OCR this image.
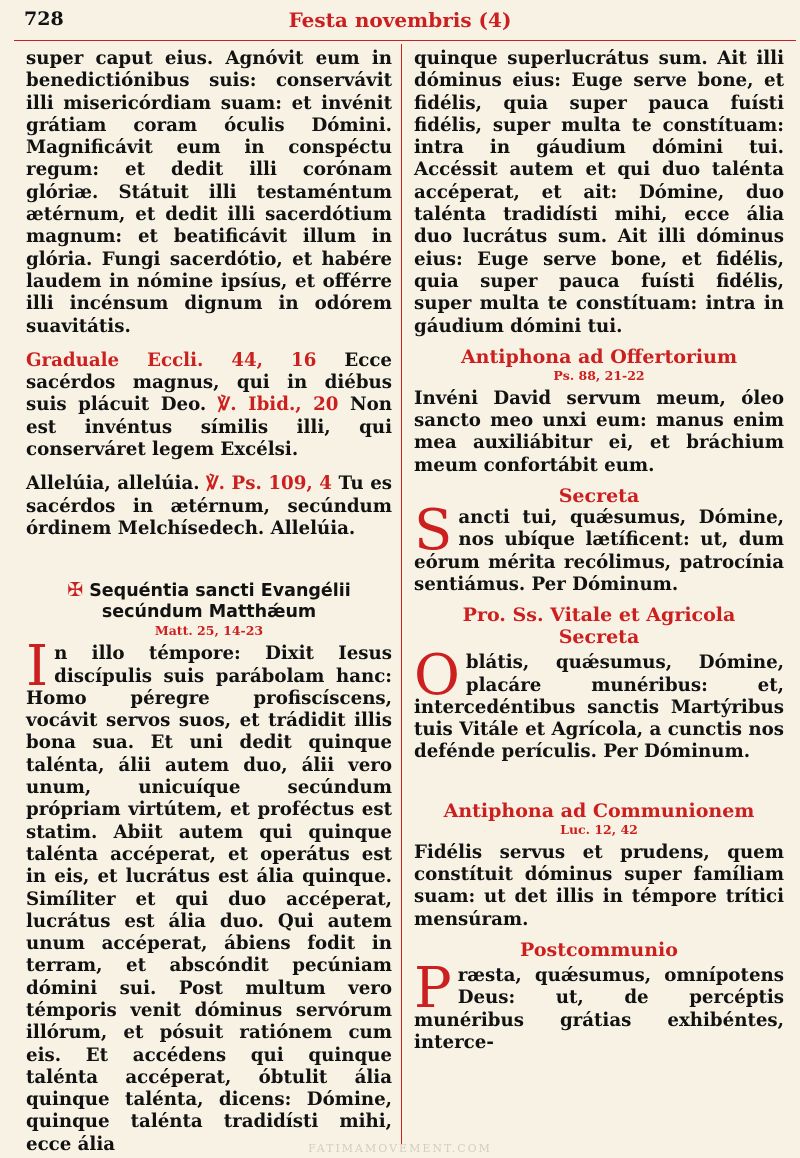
728	Festa novembris (4)

super caput eius. Agnóvit eum in benedictiónibus suis: conservávit illi misericórdiam suam: et invénit grátiam coram óculis Dómini. Magnificávit eum in conspéctu regum: et dedit illi corónam glóriæ. Státuit illi testaméntum ætérnum, et dedit illi sacerdótium magnum: et beatificávit illum in glória. Fungi sacerdótio, et habére laudem in nómine ipsíus, et offérre illi incénsum dignum in odórem suavitátis.

Graduale Eccli. 44, 16 Ecce sacérdos magnus, qui in diébus suis plácuit Deo. ℣. Ibid., 20 Non est invéntus símilis illi, qui conserváret legem Excélsi.

Allelúia, allelúia. ℣. Ps. 109, 4 Tu es sacérdos in ætérnum, secúndum órdinem Melchísedech. Allelúia.

✠ Sequéntia sancti Evangélii
secúndum Matthǽum
Matt. 25, 14-23

In illo témpore: Dixit Iesus discípulis suis parábolam hanc: Homo péregre profiscíscens, vocávit servos suos, et trádidit illis bona sua. Et uni dedit quinque talénta, álii autem duo, álii vero unum, unicuíque secúndum própriam virtútem, et proféctus est statim. Abiit autem qui quinque talénta accéperat, et operátus est in eis, et lucrátus est ália quinque. Simíliter et qui duo accéperat, lucrátus est ália duo. Qui autem unum accéperat, ábiens fodit in terram, et abscóndit pecúniam dómini sui. Post multum vero témporis venit dóminus servórum illórum, et pósuit ratiónem cum eis. Et accédens qui quinque talénta accéperat, óbtulit ália quinque taléntа, dicens: Dómine, quinque talénta tradidísti mihi, ecce ália

quinque superlucrátus sum. Ait illi dóminus eius: Euge serve bone, et fidélis, quia super pauca fuísti fidélis, super multa te constítuam: intra in gáudium dómini tui. Accéssit autem et qui duo talénta accéperat, et ait: Dómine, duo talénta tradidísti mihi, ecce ália duo lucrátus sum. Ait illi dóminus eius: Euge serve bone, et fidélis, quia super pauca fuísti fidélis, super multa te constítuam: intra in gáudium dómini tui.

Antiphona ad Offertorium
Ps. 88, 21-22

Invéni David servum meum, óleo sancto meo unxi eum: manus enim mea auxiliábitur ei, et bráchium meum confortábit eum.

Secreta

Sancti tui, quǽsumus, Dómine, nos ubíque lætíficent: ut, dum eórum mérita recólimus, patrocínia sentiámus. Per Dóminum.

Pro. Ss. Vitale et Agricola
Secreta

Oblátis, quǽsumus, Dómine, placáre munéribus: et, intercedéntibus sanctis Martýribus tuis Vitále et Agrícola, a cunctis nos defénde perículis. Per Dóminum.

Antiphona ad Communionem
Luc. 12, 42

Fidélis servus et prudens, quem constítuit dóminus super famíliam suam: ut det illis in témpore trítici mensúram.

Postcommunio

Præsta, quǽsumus, omnípotens Deus: ut, de percéptis munéribus grátias exhibéntes, interce-

FATIMAMOVEMENT.COM
